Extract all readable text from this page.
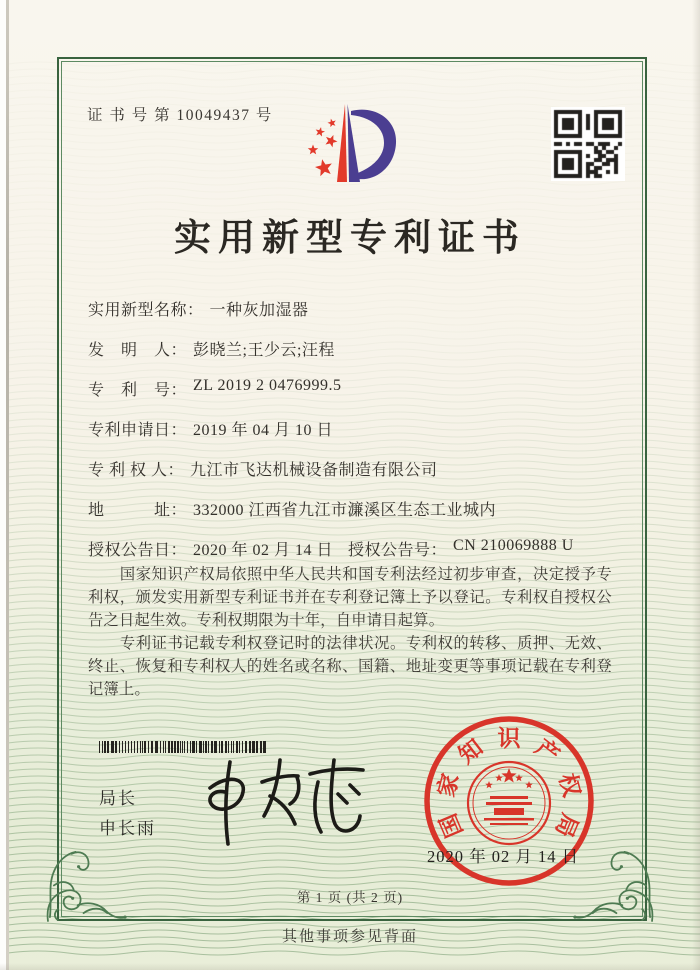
证 书 号 第 10049437 号
实用新型专利证书
实用新型名称： 一种灰加湿器
发　明　人： 彭晓兰;王少云;汪程
专　利　号： ZL 2019 2 0476999.5
专利申请日： 2019 年 04 月 10 日
专 利 权 人： 九江市飞达机械设备制造有限公司
地　　　址： 332000 江西省九江市濂溪区生态工业城内
授权公告日： 2020 年 02 月 14 日 授权公告号： CN 210069888 U

国家知识产权局依照中华人民共和国专利法经过初步审查，决定授予专利权，颁发实用新型专利证书并在专利登记簿上予以登记。专利权自授权公告之日起生效。专利权期限为十年，自申请日起算。

专利证书记载专利权登记时的法律状况。专利权的转移、质押、无效、终止、恢复和专利权人的姓名或名称、国籍、地址变更等事项记载在专利登记簿上。

局长
申长雨	国
家
知 识 产
权
局
2020 年 02 月 14 日
第 1 页 (共 2 页)
其他事项参见背面
